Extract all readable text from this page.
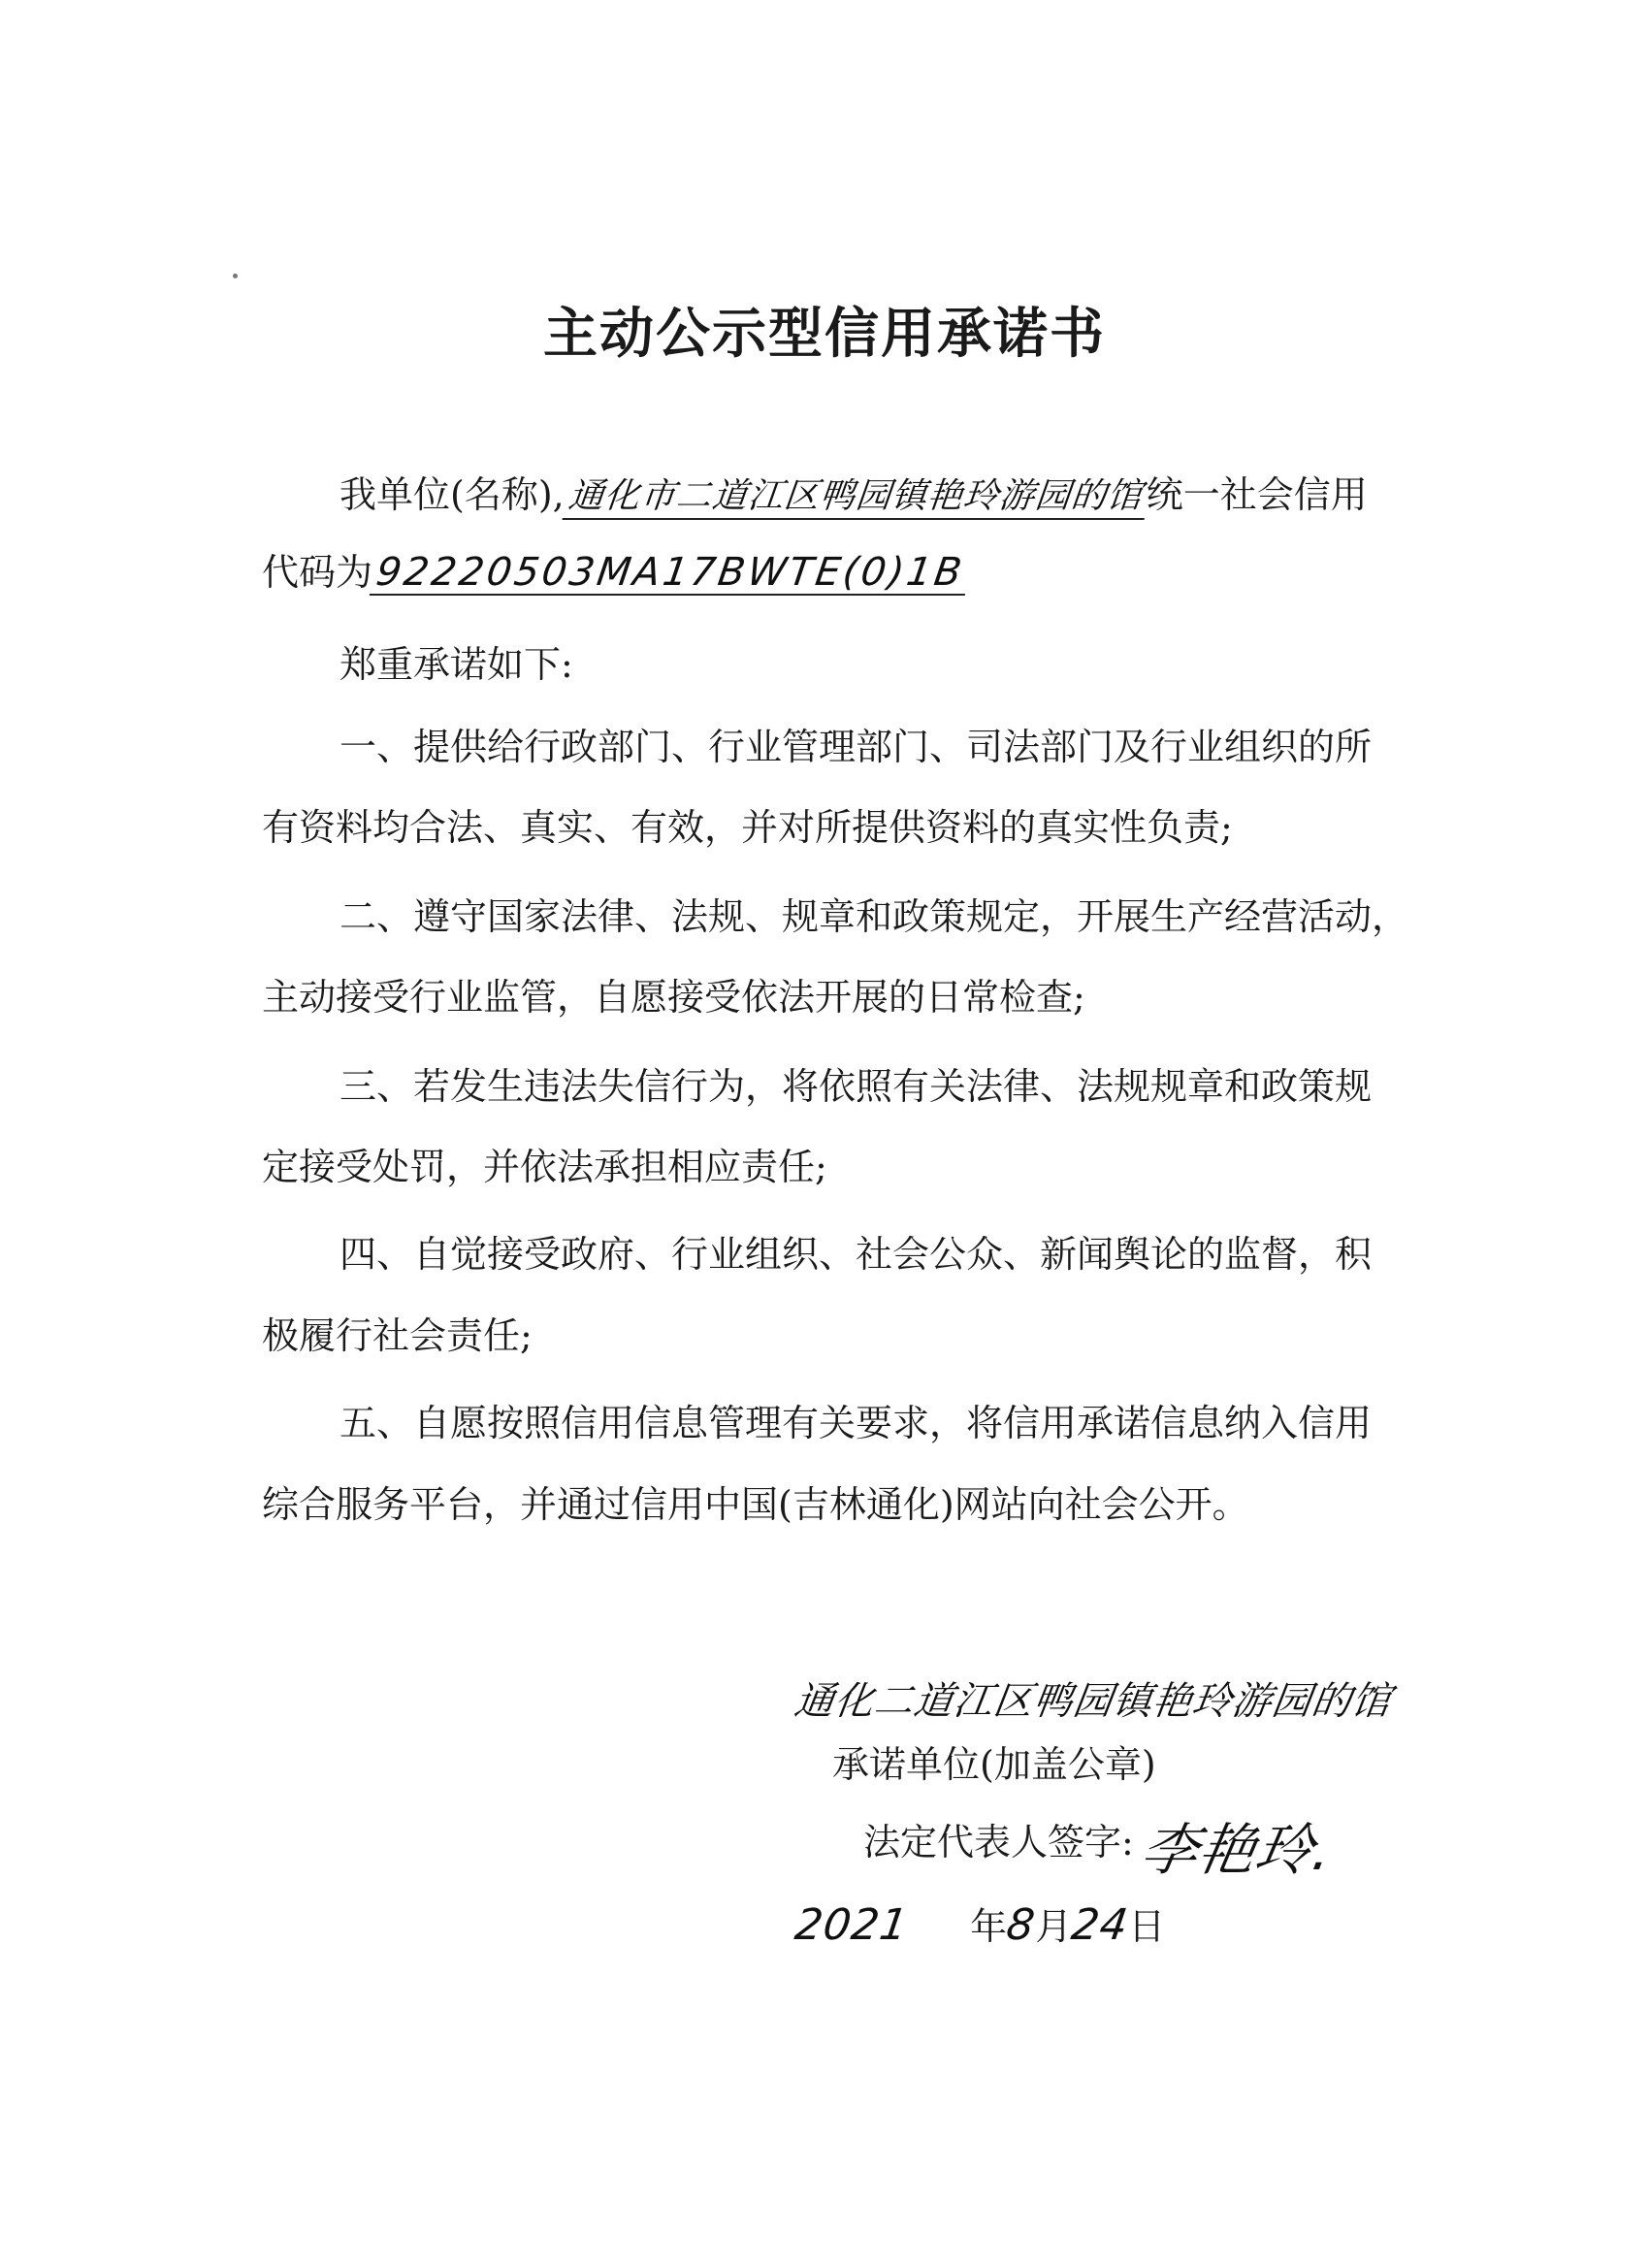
主动公示型信用承诺书
我单位(名称),通化市二道江区鸭园镇艳玲游园的馆统一社会信用
代码为92220503MA17BWTE(0)1B
郑重承诺如下:
一、提供给行政部门、行业管理部门、司法部门及行业组织的所
有资料均合法、真实、有效，并对所提供资料的真实性负责;
二、遵守国家法律、法规、规章和政策规定，开展生产经营活动，
主动接受行业监管，自愿接受依法开展的日常检查;
三、若发生违法失信行为，将依照有关法律、法规规章和政策规
定接受处罚，并依法承担相应责任;
四、自觉接受政府、行业组织、社会公众、新闻舆论的监督，积
极履行社会责任;
五、自愿按照信用信息管理有关要求，将信用承诺信息纳入信用
综合服务平台，并通过信用中国(吉林通化)网站向社会公开。
通化二道江区鸭园镇艳玲游园的馆
承诺单位(加盖公章)
法定代表人签字: 李艳玲.
2021 年8月24日
